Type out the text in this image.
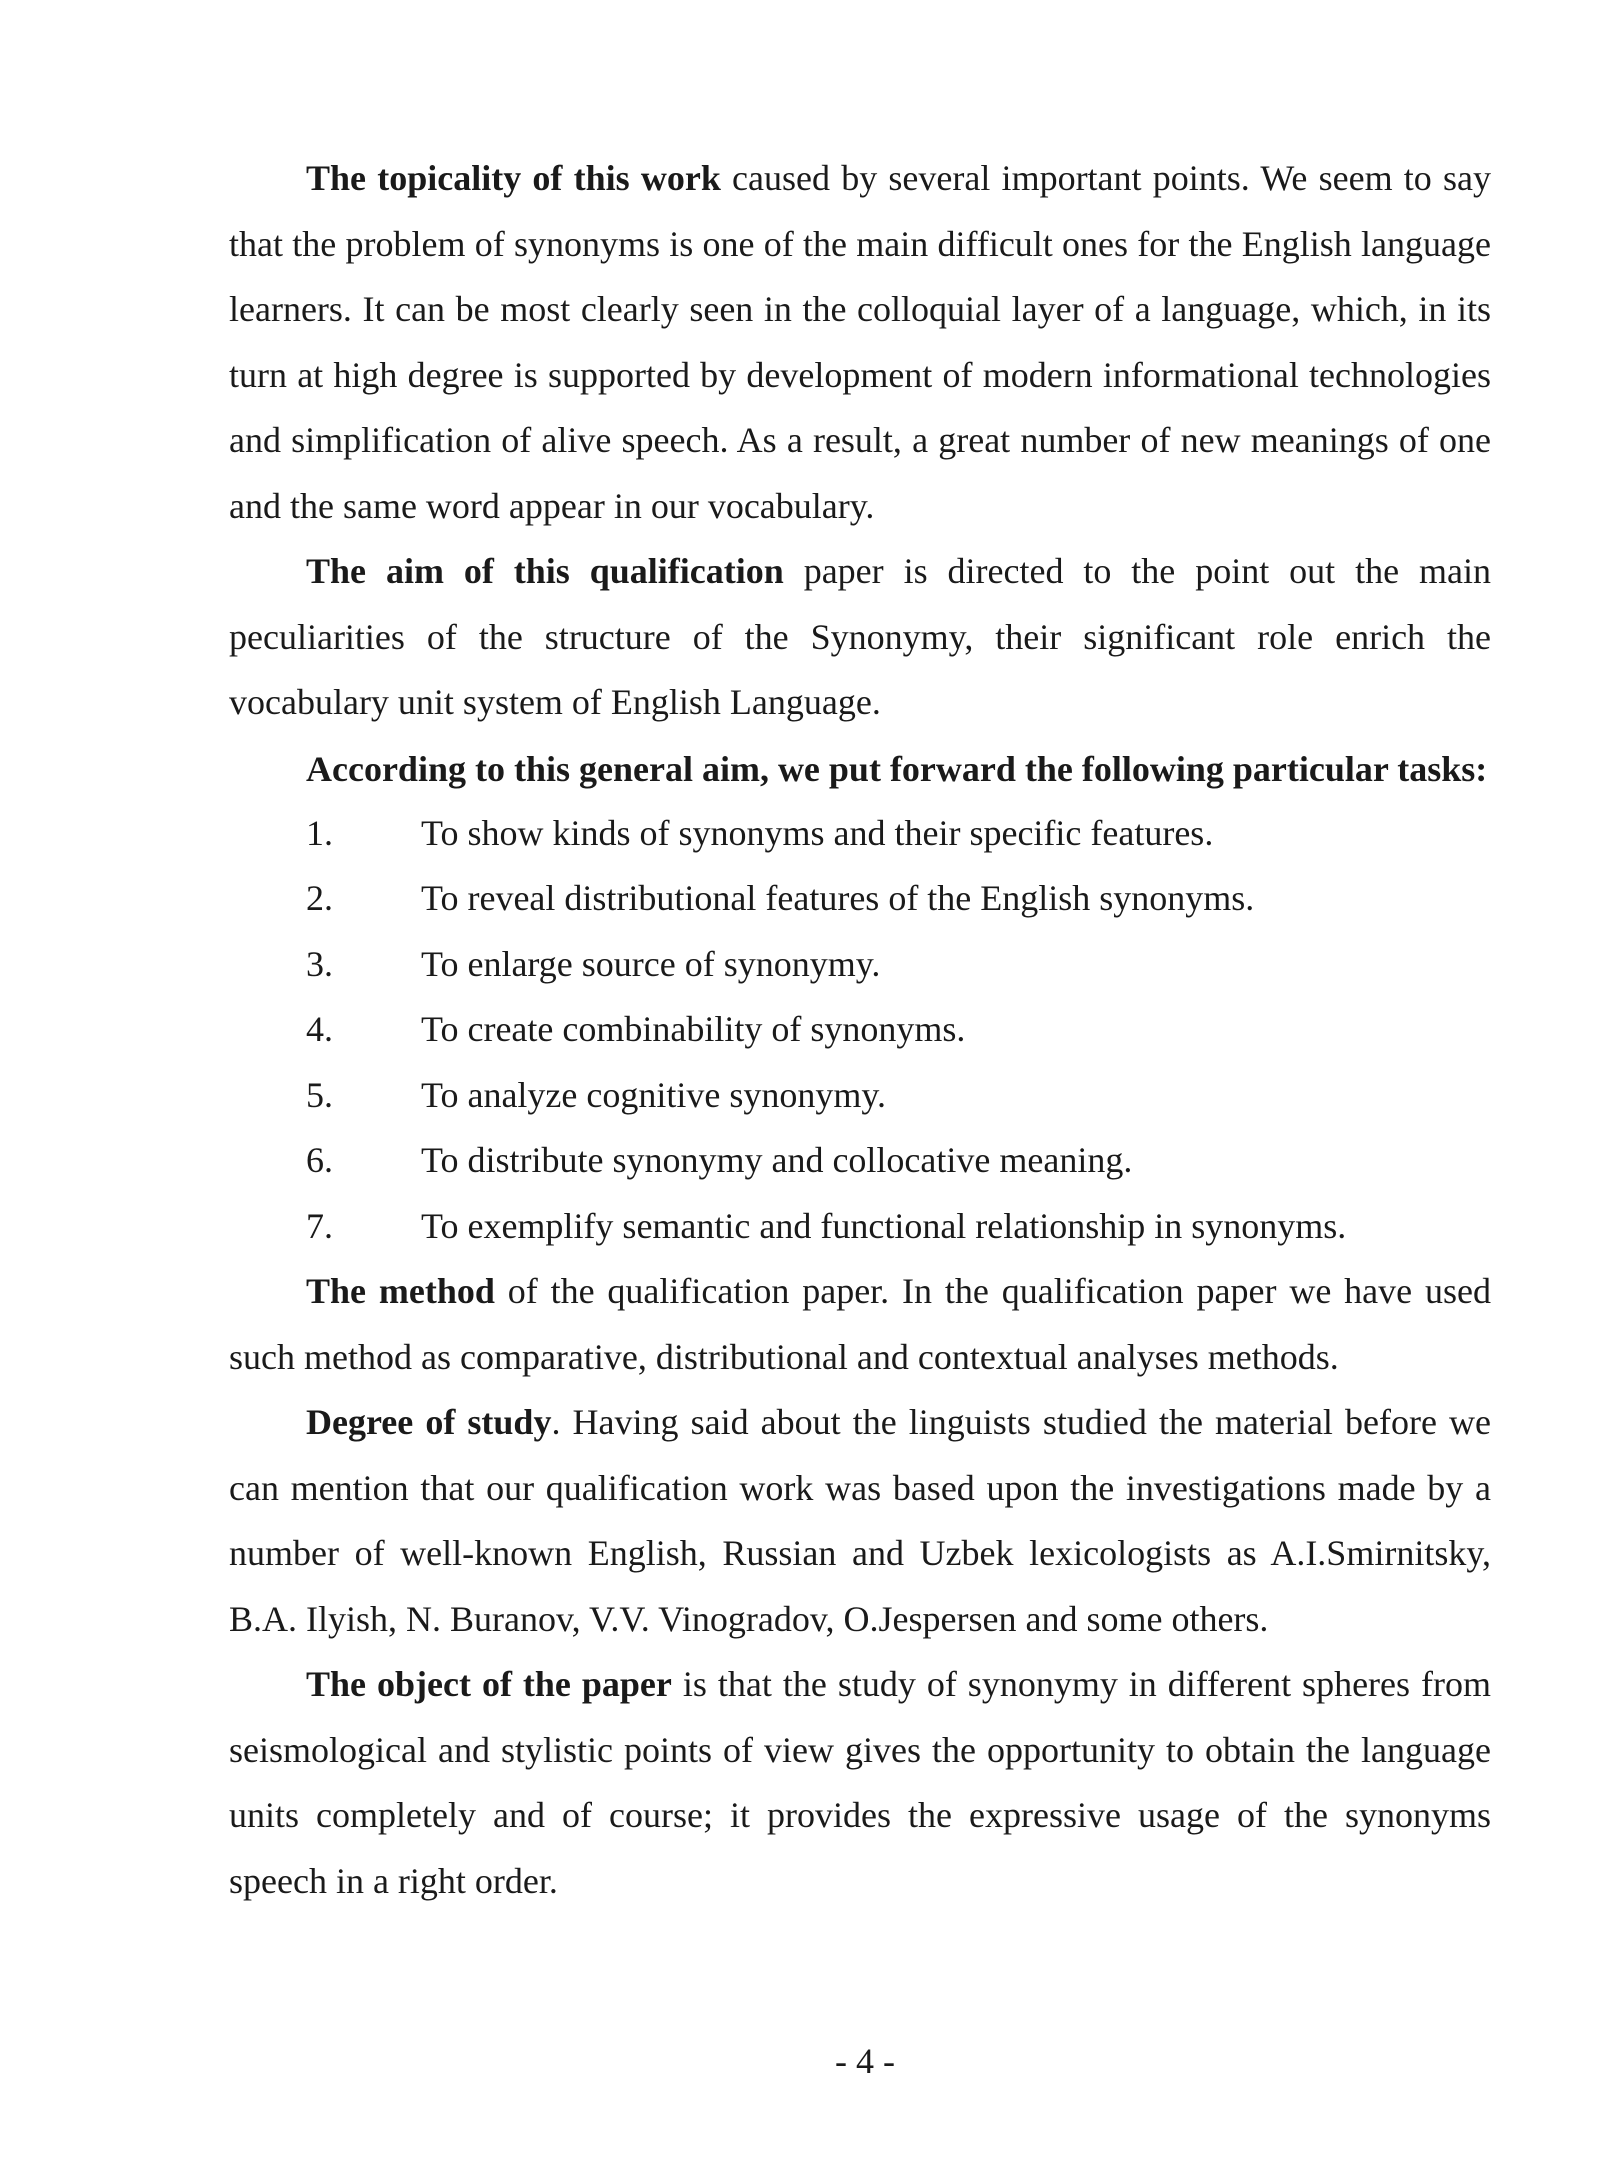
The topicality of this work caused by several important points. We seem to say that the problem of synonyms is one of the main difficult ones for the English language learners. It can be most clearly seen in the colloquial layer of a language, which, in its turn at high degree is supported by development of modern informational technologies and simplification of alive speech. As a result, a great number of new meanings of one and the same word appear in our vocabulary.

The aim of this qualification paper is directed to the point out the main peculiarities of the structure of the Synonymy, their significant role enrich the vocabulary unit system of English Language.

According to this general aim, we put forward the following particular tasks:

1.	To show kinds of synonyms and their specific features.
2.	To reveal distributional features of the English synonyms.
3.	To enlarge source of synonymy.
4.	To create combinability of synonyms.
5.	To analyze cognitive synonymy.
6.	To distribute synonymy and collocative meaning.
7.	To exemplify semantic and functional relationship in synonyms.

The method of the qualification paper. In the qualification paper we have used such method as comparative, distributional and contextual analyses methods.

Degree of study. Having said about the linguists studied the material before we can mention that our qualification work was based upon the investigations made by a number of well-known English, Russian and Uzbek lexicologists as A.I.Smirnitsky, B.A. Ilyish, N. Buranov, V.V. Vinogradov, O.Jespersen and some others.

The object of the paper is that the study of synonymy in different spheres from seismological and stylistic points of view gives the opportunity to obtain the language units completely and of course; it provides the expressive usage of the synonyms speech in a right order.

- 4 -
